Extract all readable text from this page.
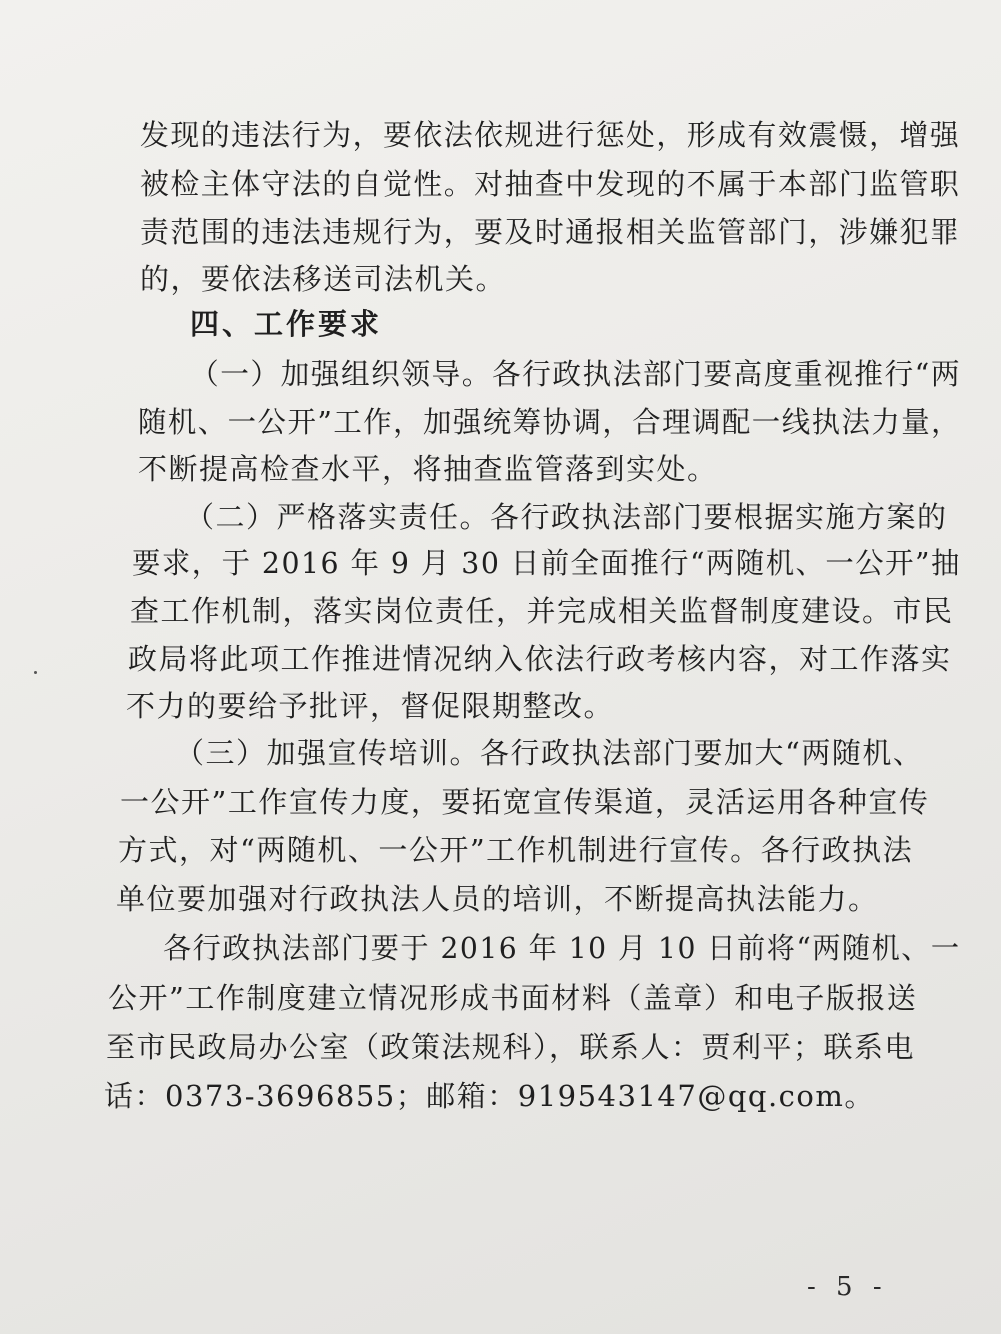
发现的违法行为，要依法依规进行惩处，形成有效震慑，增强
被检主体守法的自觉性。对抽查中发现的不属于本部门监管职
责范围的违法违规行为，要及时通报相关监管部门，涉嫌犯罪
的，要依法移送司法机关。
四、工作要求
（一）加强组织领导。各行政执法部门要高度重视推行“两
随机、一公开”工作，加强统筹协调，合理调配一线执法力量，
不断提高检查水平，将抽查监管落到实处。
（二）严格落实责任。各行政执法部门要根据实施方案的
要求，于 2016 年 9 月 30 日前全面推行“两随机、一公开”抽
查工作机制，落实岗位责任，并完成相关监督制度建设。市民
政局将此项工作推进情况纳入依法行政考核内容，对工作落实
不力的要给予批评，督促限期整改。
（三）加强宣传培训。各行政执法部门要加大“两随机、
一公开”工作宣传力度，要拓宽宣传渠道，灵活运用各种宣传
方式，对“两随机、一公开”工作机制进行宣传。各行政执法
单位要加强对行政执法人员的培训，不断提高执法能力。
各行政执法部门要于 2016 年 10 月 10 日前将“两随机、一
公开”工作制度建立情况形成书面材料（盖章）和电子版报送
至市民政局办公室（政策法规科），联系人：贾利平；联系电
话：0373-3696855；邮箱：919543147@qq.com。
- 5 -
